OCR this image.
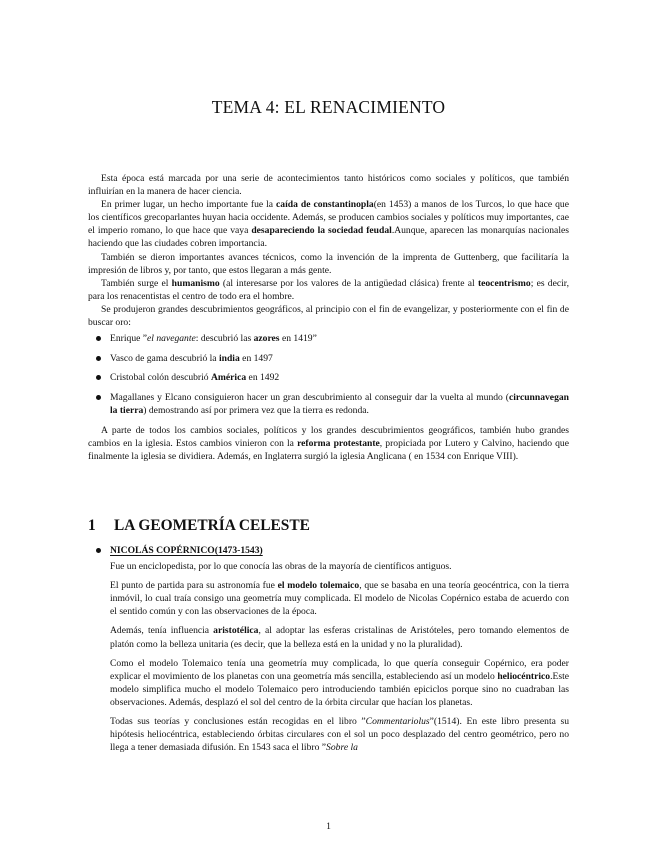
TEMA 4: EL RENACIMIENTO

Esta época está marcada por una serie de acontecimientos tanto históricos como sociales y políticos, que también influirían en la manera de hacer ciencia.

En primer lugar, un hecho importante fue la caída de constantinopla(en 1453) a manos de los Turcos, lo que hace que los científicos grecoparlantes huyan hacia occidente. Además, se producen cambios sociales y políticos muy importantes, cae el imperio romano, lo que hace que vaya desapareciendo la sociedad feudal.Aunque, aparecen las monarquías nacionales haciendo que las ciudades cobren importancia.

También se dieron importantes avances técnicos, como la invención de la imprenta de Guttenberg, que facilitaría la impresión de libros y, por tanto, que estos llegaran a más gente.

También surge el humanismo (al interesarse por los valores de la antigüedad clásica) frente al teocentrismo; es decir, para los renacentistas el centro de todo era el hombre.

Se produjeron grandes descubrimientos geográficos, al principio con el fin de evangelizar, y posteriormente con el fin de buscar oro:

Enrique ”el navegante: descubrió las azores en 1419”
Vasco de gama descubrió la india en 1497
Cristobal colón descubrió América en 1492
Magallanes y Elcano consiguieron hacer un gran descubrimiento al conseguir dar la vuelta al mundo (circunnavegan la tierra) demostrando así por primera vez que la tierra es redonda.

A parte de todos los cambios sociales, políticos y los grandes descubrimientos geográficos, también hubo grandes cambios en la iglesia. Estos cambios vinieron con la reforma protestante, propiciada por Lutero y Calvino, haciendo que finalmente la iglesia se dividiera. Además, en Inglaterra surgió la iglesia Anglicana ( en 1534 con Enrique VIII).

1 LA GEOMETRÍA CELESTE
NICOLÁS COPÉRNICO(1473-1543)

Fue un enciclopedista, por lo que conocía las obras de la mayoría de científicos antiguos.

El punto de partida para su astronomía fue el modelo tolemaico, que se basaba en una teoría geocéntrica, con la tierra inmóvil, lo cual traía consigo una geometría muy complicada. El modelo de Nicolas Copérnico estaba de acuerdo con el sentido común y con las observaciones de la época.

Además, tenía influencia aristotélica, al adoptar las esferas cristalinas de Aristóteles, pero tomando elementos de platón como la belleza unitaria (es decir, que la belleza está en la unidad y no la pluralidad).

Como el modelo Tolemaico tenía una geometría muy complicada, lo que quería conseguir Copérnico, era poder explicar el movimiento de los planetas con una geometría más sencilla, estableciendo así un modelo heliocéntrico.Este modelo simplifica mucho el modelo Tolemaico pero introduciendo también epiciclos porque sino no cuadraban las observaciones. Además, desplazó el sol del centro de la órbita circular que hacían los planetas.

Todas sus teorías y conclusiones están recogidas en el libro ”Commentariolus”(1514). En este libro presenta su hipótesis heliocéntrica, estableciendo órbitas circulares con el sol un poco desplazado del centro geométrico, pero no llega a tener demasiada difusión. En 1543 saca el libro ”Sobre la

1
